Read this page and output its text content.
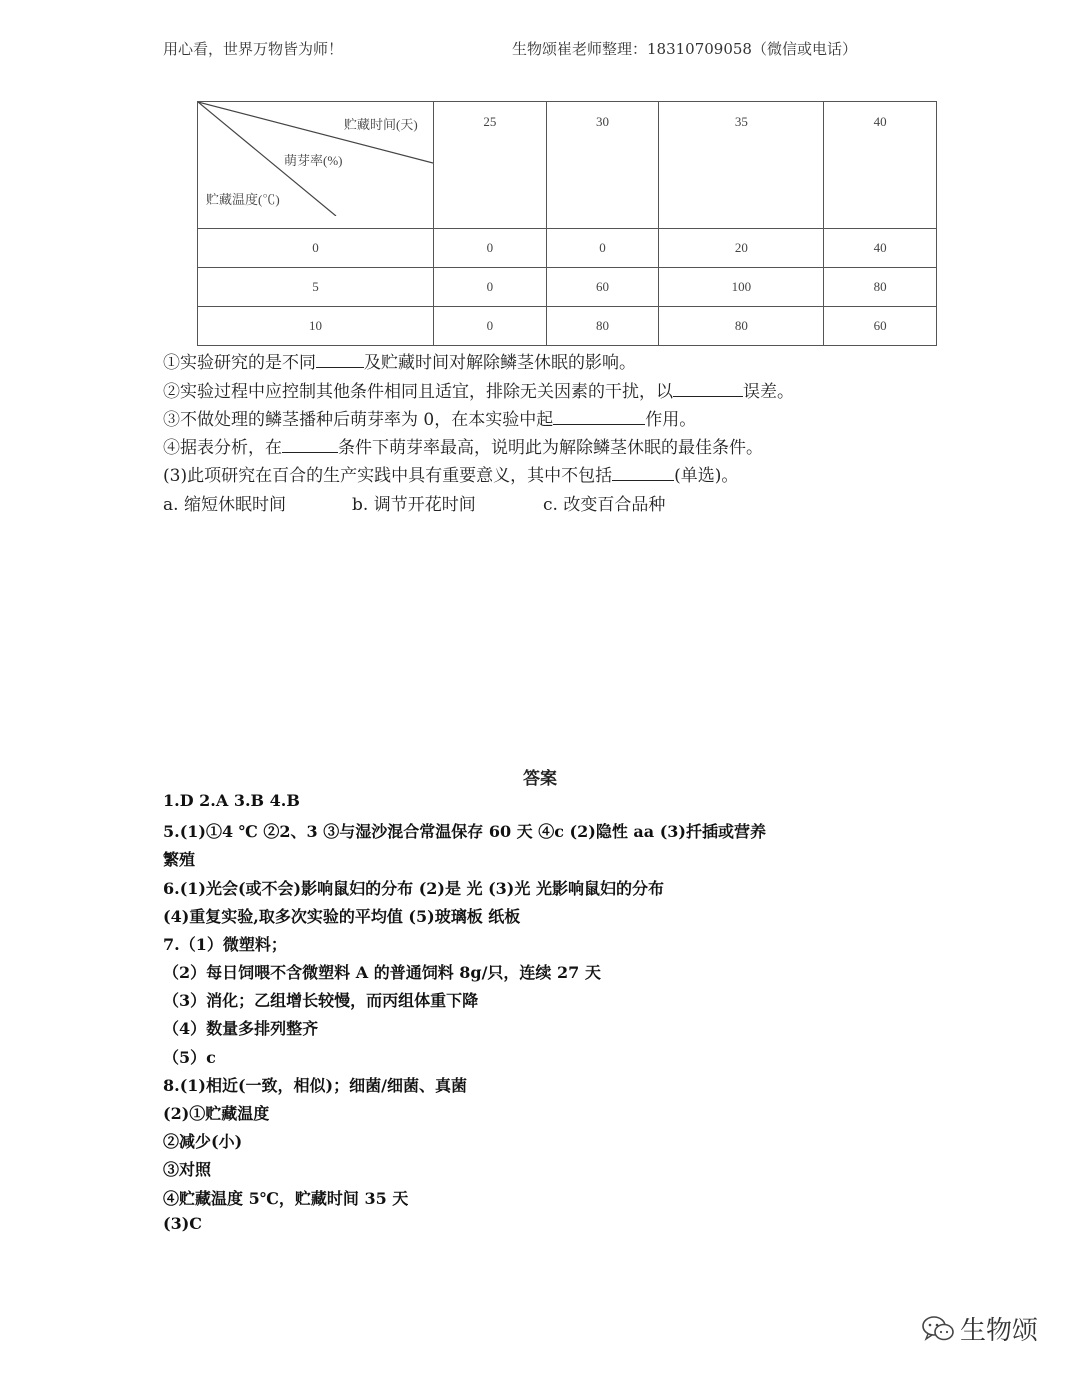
用心看，世界万物皆为师！	生物颂崔老师整理：18310709058（微信或电话）
贮藏时间(天)
萌芽率(%)
贮藏温度(℃)	25	30	35	40
0	0	0	20	40
5	0	60	100	80
10	0	80	80	60
①实验研究的是不同	及贮藏时间对解除鳞茎休眠的影响。
②实验过程中应控制其他条件相同且适宜，排除无关因素的干扰，以	误差。
③不做处理的鳞茎播种后萌芽率为 0，在本实验中起	作用。
④据表分析，在	条件下萌芽率最高，说明此为解除鳞茎休眠的最佳条件。
(3)此项研究在百合的生产实践中具有重要意义，其中不包括	(单选)。
a. 缩短休眠时间	b. 调节开花时间	c. 改变百合品种
答案
1.D 2.A 3.B 4.B
5.(1)①4 ℃ ②2、3 ③与湿沙混合常温保存 60 天 ④c (2)隐性 aa (3)扦插或营养
繁殖
6.(1)光会(或不会)影响鼠妇的分布 (2)是 光 (3)光 光影响鼠妇的分布
(4)重复实验,取多次实验的平均值 (5)玻璃板 纸板
7.（1）微塑料；
（2）每日饲喂不含微塑料 A 的普通饲料 8g/只，连续 27 天
（3）消化；乙组增长较慢，而丙组体重下降
（4）数量多排列整齐
（5）c
8.(1)相近(一致，相似)；细菌/细菌、真菌
(2)①贮藏温度
②减少(小)
③对照
④贮藏温度 5℃，贮藏时间 35 天
(3)C
生物颂
